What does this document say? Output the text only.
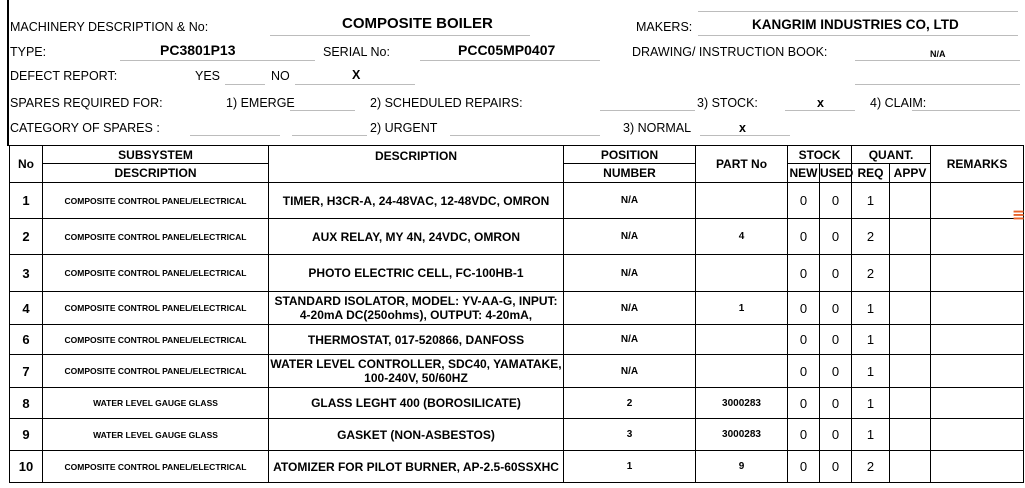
MACHINERY DESCRIPTION & No:	COMPOSITE BOILER	MAKERS:	KANGRIM INDUSTRIES CO, LTD
TYPE:	PC3801P13	SERIAL No:	PCC05MP0407	DRAWING/ INSTRUCTION BOOK:	N/A
DEFECT REPORT:	YES	NO	X
SPARES REQUIRED FOR:	1) EMERGE	2) SCHEDULED REPAIRS:	3) STOCK:	x	4) CLAIM:
CATEGORY OF SPARES :	2) URGENT	3) NORMAL	x
No	SUBSYSTEM	DESCRIPTION	POSITION	PART No	STOCK		QUANT.		REMARKS
	DESCRIPTION		NUMBER		NEW	USED	REQ	APPV	
1	COMPOSITE CONTROL PANEL/ELECTRICAL	TIMER, H3CR-A, 24-48VAC, 12-48VDC, OMRON	N/A		0	0	1		
2	COMPOSITE CONTROL PANEL/ELECTRICAL	AUX RELAY, MY 4N, 24VDC, OMRON	N/A	4	0	0	2		
3	COMPOSITE CONTROL PANEL/ELECTRICAL	PHOTO ELECTRIC CELL, FC-100HB-1	N/A		0	0	2		
4	COMPOSITE CONTROL PANEL/ELECTRICAL	STANDARD ISOLATOR, MODEL: YV-AA-G, INPUT: 4-20mA DC(250ohms), OUTPUT: 4-20mA,	N/A	1	0	0	1		
6	COMPOSITE CONTROL PANEL/ELECTRICAL	THERMOSTAT, 017-520866, DANFOSS	N/A		0	0	1		
7	COMPOSITE CONTROL PANEL/ELECTRICAL	WATER LEVEL CONTROLLER, SDC40, YAMATAKE, 100-240V, 50/60HZ	N/A		0	0	1		
8	WATER LEVEL GAUGE GLASS	GLASS LEGHT 400 (BOROSILICATE)	2	3000283	0	0	1		
9	WATER LEVEL GAUGE GLASS	GASKET (NON-ASBESTOS)	3	3000283	0	0	1		
10	COMPOSITE CONTROL PANEL/ELECTRICAL	ATOMIZER FOR PILOT BURNER, AP-2.5-60SSXHC	1	9	0	0	2		
≡
